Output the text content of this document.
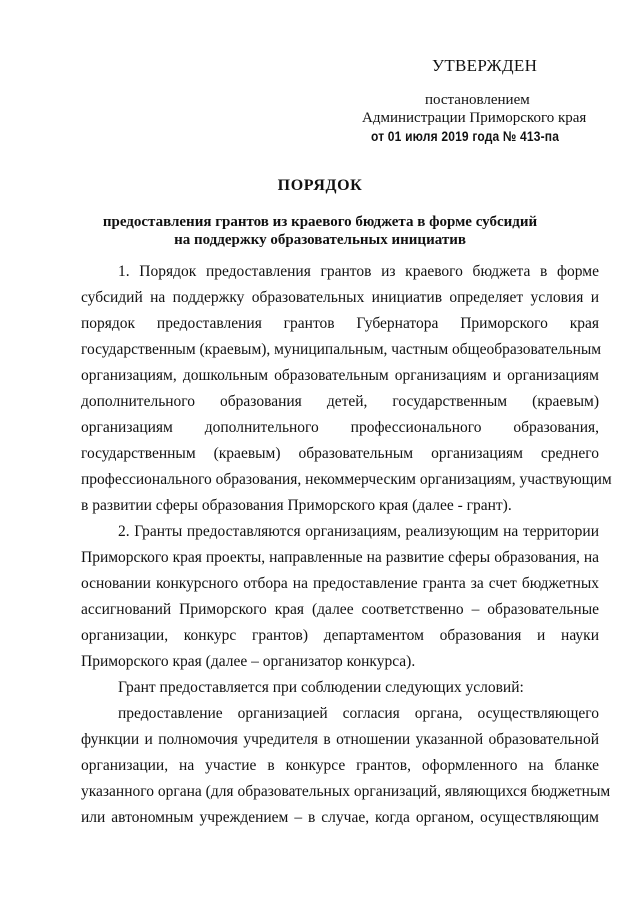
УТВЕРЖДЕН
постановлением
Администрации Приморского края
от 01 июля 2019 года № 413-па
ПОРЯДОК
предоставления грантов из краевого бюджета в форме субсидий
на поддержку образовательных инициатив
1. Порядок предоставления грантов из краевого бюджета в форме
субсидий на поддержку образовательных инициатив определяет условия и
порядок предоставления грантов Губернатора Приморского края
государственным (краевым), муниципальным, частным общеобразовательным
организациям, дошкольным образовательным организациям и организациям
дополнительного образования детей, государственным (краевым)
организациям дополнительного профессионального образования,
государственным (краевым) образовательным организациям среднего
профессионального образования, некоммерческим организациям, участвующим
в развитии сферы образования Приморского края (далее - грант).
2. Гранты предоставляются организациям, реализующим на территории
Приморского края проекты, направленные на развитие сферы образования, на
основании конкурсного отбора на предоставление гранта за счет бюджетных
ассигнований Приморского края (далее соответственно – образовательные
организации, конкурс грантов) департаментом образования и науки
Приморского края (далее – организатор конкурса).
Грант предоставляется при соблюдении следующих условий:
предоставление организацией согласия органа, осуществляющего
функции и полномочия учредителя в отношении указанной образовательной
организации, на участие в конкурсе грантов, оформленного на бланке
указанного органа (для образовательных организаций, являющихся бюджетным
или автономным учреждением – в случае, когда органом, осуществляющим
